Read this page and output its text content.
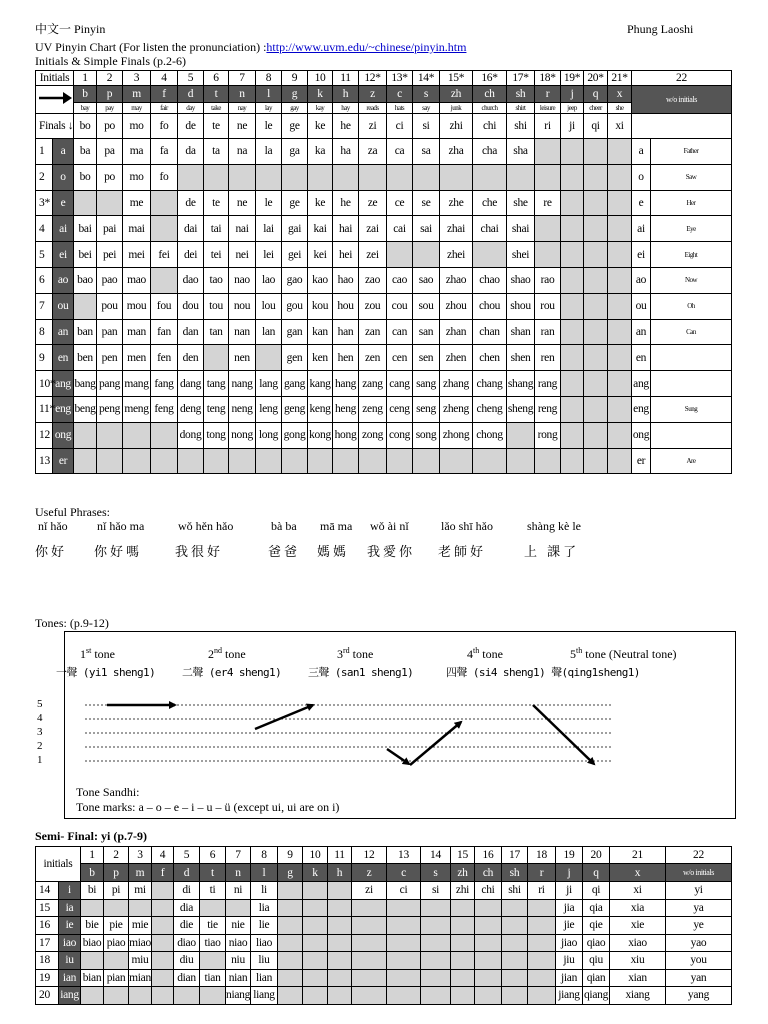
中文一 Pinyin	Phung Laoshi
UV Pinyin Chart (For listen the pronunciation) :http://www.uvm.edu/~chinese/pinyin.htm
Initials & Simple Finals (p.2-6)
Initials		1	2	3	4	5	6	7	8	9	10	11	12*	13*	14*	15*	16*	17*	18*	19*	20*	21*	22	
	b	p	m	f	d	t	n	l	g	k	h	z	c	s	zh	ch	sh	r	j	q	x	w/o initials	
		bay	pay	may	fair	day	take	nay	lay	gay	kay	hay	reads	hats	say	junk	church	shirt	leisure	jeep	cheer	she		
Finals ↓		bo	po	mo	fo	de	te	ne	le	ge	ke	he	zi	ci	si	zhi	chi	shi	ri	ji	qi	xi		
1	a	ba	pa	ma	fa	da	ta	na	la	ga	ka	ha	za	ca	sa	zha	cha	sha					a	Father
2	o	bo	po	mo	fo																		o	Saw
3*	e			me		de	te	ne	le	ge	ke	he	ze	ce	se	zhe	che	she	re				e	Her
4	ai	bai	pai	mai		dai	tai	nai	lai	gai	kai	hai	zai	cai	sai	zhai	chai	shai					ai	Eye
5	ei	bei	pei	mei	fei	dei	tei	nei	lei	gei	kei	hei	zei			zhei		shei					ei	Eight
6	ao	bao	pao	mao		dao	tao	nao	lao	gao	kao	hao	zao	cao	sao	zhao	chao	shao	rao				ao	Now
7	ou		pou	mou	fou	dou	tou	nou	lou	gou	kou	hou	zou	cou	sou	zhou	chou	shou	rou				ou	Oh
8	an	ban	pan	man	fan	dan	tan	nan	lan	gan	kan	han	zan	can	san	zhan	chan	shan	ran				an	Can
9	en	ben	pen	men	fen	den		nen		gen	ken	hen	zen	cen	sen	zhen	chen	shen	ren				en	
10*	ang	bang	pang	mang	fang	dang	tang	nang	lang	gang	kang	hang	zang	cang	sang	zhang	chang	shang	rang				ang	
11*	eng	beng	peng	meng	feng	deng	teng	neng	leng	geng	keng	heng	zeng	ceng	seng	zheng	cheng	sheng	reng				eng	Sung
12	ong					dong	tong	nong	long	gong	kong	hong	zong	cong	song	zhong	chong		rong				ong	
13	er																						er	Are
Useful Phrases:
nǐ hǎo nǐ hǎo ma	wǒ hěn hǎo	bà ba mā ma wǒ ài nǐ	lǎo shī hǎo	shàng kè le
你好 你好嗎	我很好	爸爸 媽媽 我愛你 老師好	上 課了
Tones: (p.9-12)
1st tone
一聲 (yi1 sheng1)
2nd tone
二聲 (er4 sheng1)
3rd tone
三聲 (san1 sheng1)
4th tone
四聲 (si4 sheng1) 聲(qing1sheng1)
5th tone (Neutral tone)
5
4
3
2
1
Tone Sandhi:
Tone marks: a – o – e – i – u – ü (except ui, ui are on i)
Semi- Final: yi (p.7-9)
initials		1	2	3	4	5	6	7	8	9	10	11	12	13	14	15	16	17	18	19	20	21	22
		b	p	m	f	d	t	n	l	g	k	h	z	c	s	zh	ch	sh	r	j	q	x	w/o initials
14	i	bi	pi	mi		di	ti	ni	li				zi	ci	si	zhi	chi	shi	ri	ji	qi	xi	yi
15	ia					dia			lia											jia	qia	xia	ya
16	ie	bie	pie	mie		die	tie	nie	lie											jie	qie	xie	ye
17	iao	biao	piao	miao		diao	tiao	niao	liao											jiao	qiao	xiao	yao
18	iu			miu		diu		niu	liu											jiu	qiu	xiu	you
19	ian	bian	pian	mian		dian	tian	nian	lian											jian	qian	xian	yan
20	iang							niang	liang											jiang	qiang	xiang	yang
